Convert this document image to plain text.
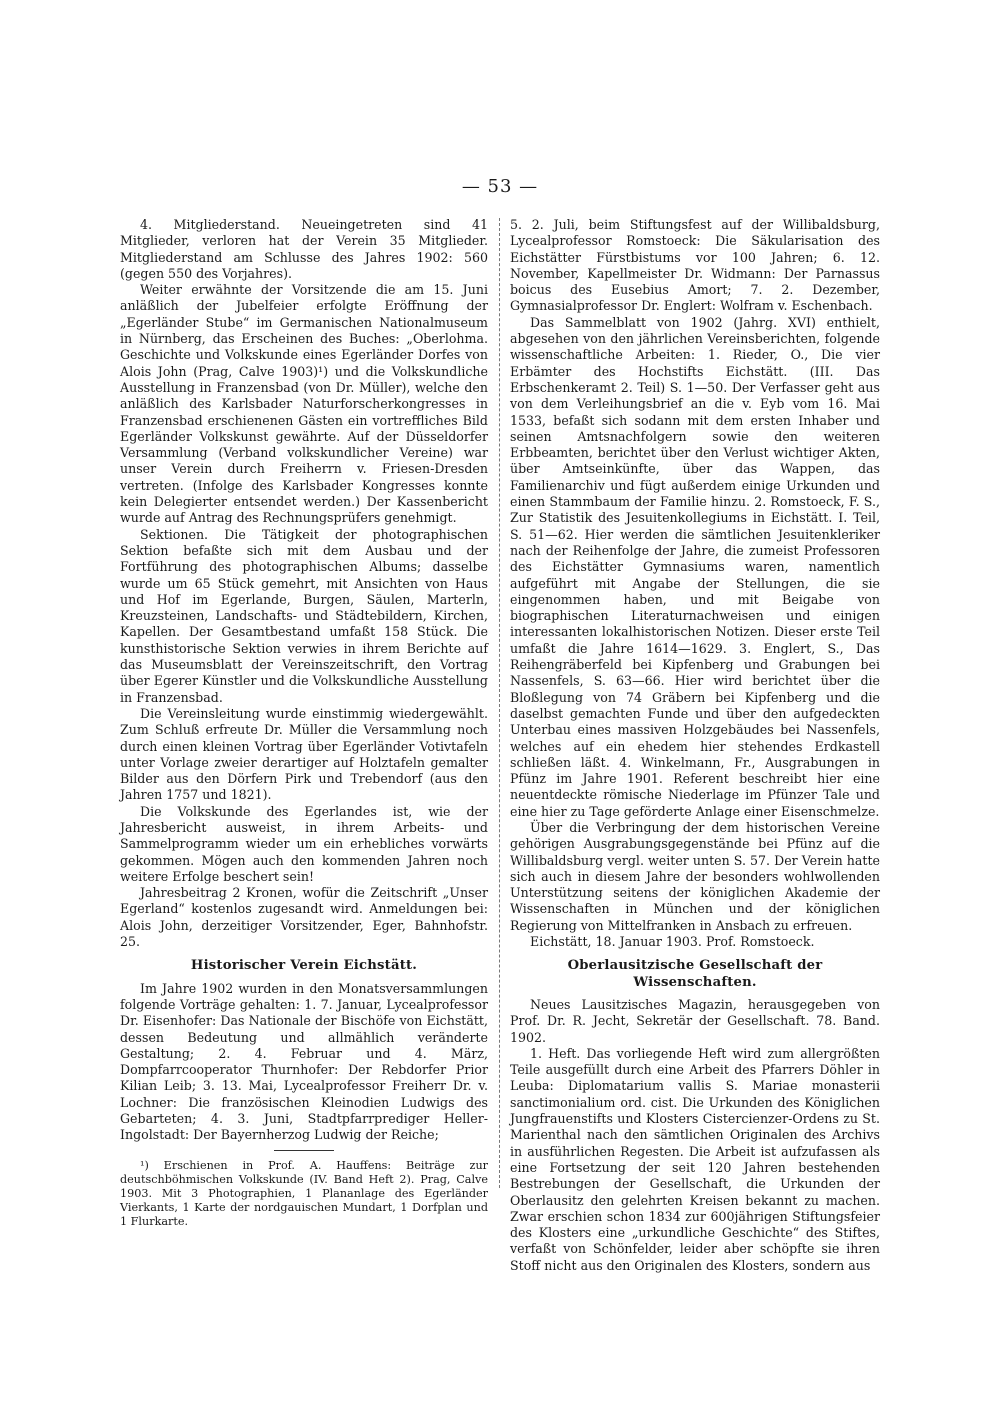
— 53 —

4. Mitgliederstand. Neueingetreten sind 41 Mitglieder, verloren hat der Verein 35 Mitglieder. Mitgliederstand am Schlusse des Jahres 1902: 560 (gegen 550 des Vorjahres).

Weiter erwähnte der Vorsitzende die am 15. Juni anläßlich der Jubelfeier erfolgte Eröffnung der „Egerländer Stube“ im Germanischen Nationalmuseum in Nürnberg, das Erscheinen des Buches: „Oberlohma. Geschichte und Volkskunde eines Egerländer Dorfes von Alois John (Prag, Calve 1903)¹) und die Volkskundliche Ausstellung in Franzensbad (von Dr. Müller), welche den anläßlich des Karlsbader Naturforscherkongresses in Franzensbad erschienenen Gästen ein vortreffliches Bild Egerländer Volkskunst gewährte. Auf der Düsseldorfer Versammlung (Verband volkskundlicher Vereine) war unser Verein durch Freiherrn v. Friesen-Dresden vertreten. (Infolge des Karlsbader Kongresses konnte kein Delegierter entsendet werden.) Der Kassenbericht wurde auf Antrag des Rechnungsprüfers genehmigt.

Sektionen. Die Tätigkeit der photographischen Sektion befaßte sich mit dem Ausbau und der Fortführung des photographischen Albums; dasselbe wurde um 65 Stück gemehrt, mit Ansichten von Haus und Hof im Egerlande, Burgen, Säulen, Marterln, Kreuzsteinen, Landschafts- und Städtebildern, Kirchen, Kapellen. Der Gesamtbestand umfaßt 158 Stück. Die kunsthistorische Sektion verwies in ihrem Berichte auf das Museumsblatt der Vereinszeitschrift, den Vortrag über Egerer Künstler und die Volkskundliche Ausstellung in Franzensbad.

Die Vereinsleitung wurde einstimmig wiedergewählt. Zum Schluß erfreute Dr. Müller die Versammlung noch durch einen kleinen Vortrag über Egerländer Votivtafeln unter Vorlage zweier derartiger auf Holztafeln gemalter Bilder aus den Dörfern Pirk und Trebendorf (aus den Jahren 1757 und 1821).

Die Volkskunde des Egerlandes ist, wie der Jahresbericht ausweist, in ihrem Arbeits- und Sammelprogramm wieder um ein erhebliches vorwärts gekommen. Mögen auch den kommenden Jahren noch weitere Erfolge beschert sein!

Jahresbeitrag 2 Kronen, wofür die Zeitschrift „Unser Egerland“ kostenlos zugesandt wird. Anmeldungen bei: Alois John, derzeitiger Vorsitzender, Eger, Bahnhofstr. 25.

Historischer Verein Eichstätt.

Im Jahre 1902 wurden in den Monatsversammlungen folgende Vorträge gehalten: 1. 7. Januar, Lycealprofessor Dr. Eisenhofer: Das Nationale der Bischöfe von Eichstätt, dessen Bedeutung und allmählich veränderte Gestaltung; 2. 4. Februar und 4. März, Dompfarrcooperator Thurnhofer: Der Rebdorfer Prior Kilian Leib; 3. 13. Mai, Lycealprofessor Freiherr Dr. v. Lochner: Die französischen Kleinodien Ludwigs des Gebarteten; 4. 3. Juni, Stadtpfarrprediger Heller-Ingolstadt: Der Bayernherzog Ludwig der Reiche;

¹) Erschienen in Prof. A. Hauffens: Beiträge zur deutschböhmischen Volkskunde (IV. Band Heft 2). Prag, Calve 1903. Mit 3 Photographien, 1 Plananlage des Egerländer Vierkants, 1 Karte der nordgauischen Mundart, 1 Dorfplan und 1 Flurkarte.

5. 2. Juli, beim Stiftungsfest auf der Willibaldsburg, Lycealprofessor Romstoeck: Die Säkularisation des Eichstätter Fürstbistums vor 100 Jahren; 6. 12. November, Kapellmeister Dr. Widmann: Der Parnassus boicus des Eusebius Amort; 7. 2. Dezember, Gymnasialprofessor Dr. Englert: Wolfram v. Eschenbach.

Das Sammelblatt von 1902 (Jahrg. XVI) enthielt, abgesehen von den jährlichen Vereinsberichten, folgende wissenschaftliche Arbeiten: 1. Rieder, O., Die vier Erbämter des Hochstifts Eichstätt. (III. Das Erbschenkeramt 2. Teil) S. 1—50. Der Verfasser geht aus von dem Verleihungsbrief an die v. Eyb vom 16. Mai 1533, befaßt sich sodann mit dem ersten Inhaber und seinen Amtsnachfolgern sowie den weiteren Erbbeamten, berichtet über den Verlust wichtiger Akten, über Amtseinkünfte, über das Wappen, das Familienarchiv und fügt außerdem einige Urkunden und einen Stammbaum der Familie hinzu. 2. Romstoeck, F. S., Zur Statistik des Jesuitenkollegiums in Eichstätt. I. Teil, S. 51—62. Hier werden die sämtlichen Jesuitenkleriker nach der Reihenfolge der Jahre, die zumeist Professoren des Eichstätter Gymnasiums waren, namentlich aufgeführt mit Angabe der Stellungen, die sie eingenommen haben, und mit Beigabe von biographischen Literaturnachweisen und einigen interessanten lokalhistorischen Notizen. Dieser erste Teil umfaßt die Jahre 1614—1629. 3. Englert, S., Das Reihengräberfeld bei Kipfenberg und Grabungen bei Nassenfels, S. 63—66. Hier wird berichtet über die Bloßlegung von 74 Gräbern bei Kipfenberg und die daselbst gemachten Funde und über den aufgedeckten Unterbau eines massiven Holzgebäudes bei Nassenfels, welches auf ein ehedem hier stehendes Erdkastell schließen läßt. 4. Winkelmann, Fr., Ausgrabungen in Pfünz im Jahre 1901. Referent beschreibt hier eine neuentdeckte römische Niederlage im Pfünzer Tale und eine hier zu Tage geförderte Anlage einer Eisenschmelze.

Über die Verbringung der dem historischen Vereine gehörigen Ausgrabungsgegenstände bei Pfünz auf die Willibaldsburg vergl. weiter unten S. 57. Der Verein hatte sich auch in diesem Jahre der besonders wohlwollenden Unterstützung seitens der königlichen Akademie der Wissenschaften in München und der königlichen Regierung von Mittelfranken in Ansbach zu erfreuen.

Eichstätt, 18. Januar 1903. Prof. Romstoeck.

Oberlausitzische Gesellschaft der Wissenschaften.

Neues Lausitzisches Magazin, herausgegeben von Prof. Dr. R. Jecht, Sekretär der Gesellschaft. 78. Band. 1902.

1. Heft. Das vorliegende Heft wird zum allergrößten Teile ausgefüllt durch eine Arbeit des Pfarrers Döhler in Leuba: Diplomatarium vallis S. Mariae monasterii sanctimonialium ord. cist. Die Urkunden des Königlichen Jungfrauenstifts und Klosters Cistercienzer-Ordens zu St. Marienthal nach den sämtlichen Originalen des Archivs in ausführlichen Regesten. Die Arbeit ist aufzufassen als eine Fortsetzung der seit 120 Jahren bestehenden Bestrebungen der Gesellschaft, die Urkunden der Oberlausitz den gelehrten Kreisen bekannt zu machen. Zwar erschien schon 1834 zur 600jährigen Stiftungsfeier des Klosters eine „urkundliche Geschichte“ des Stiftes, verfaßt von Schönfelder, leider aber schöpfte sie ihren Stoff nicht aus den Originalen des Klosters, sondern aus
